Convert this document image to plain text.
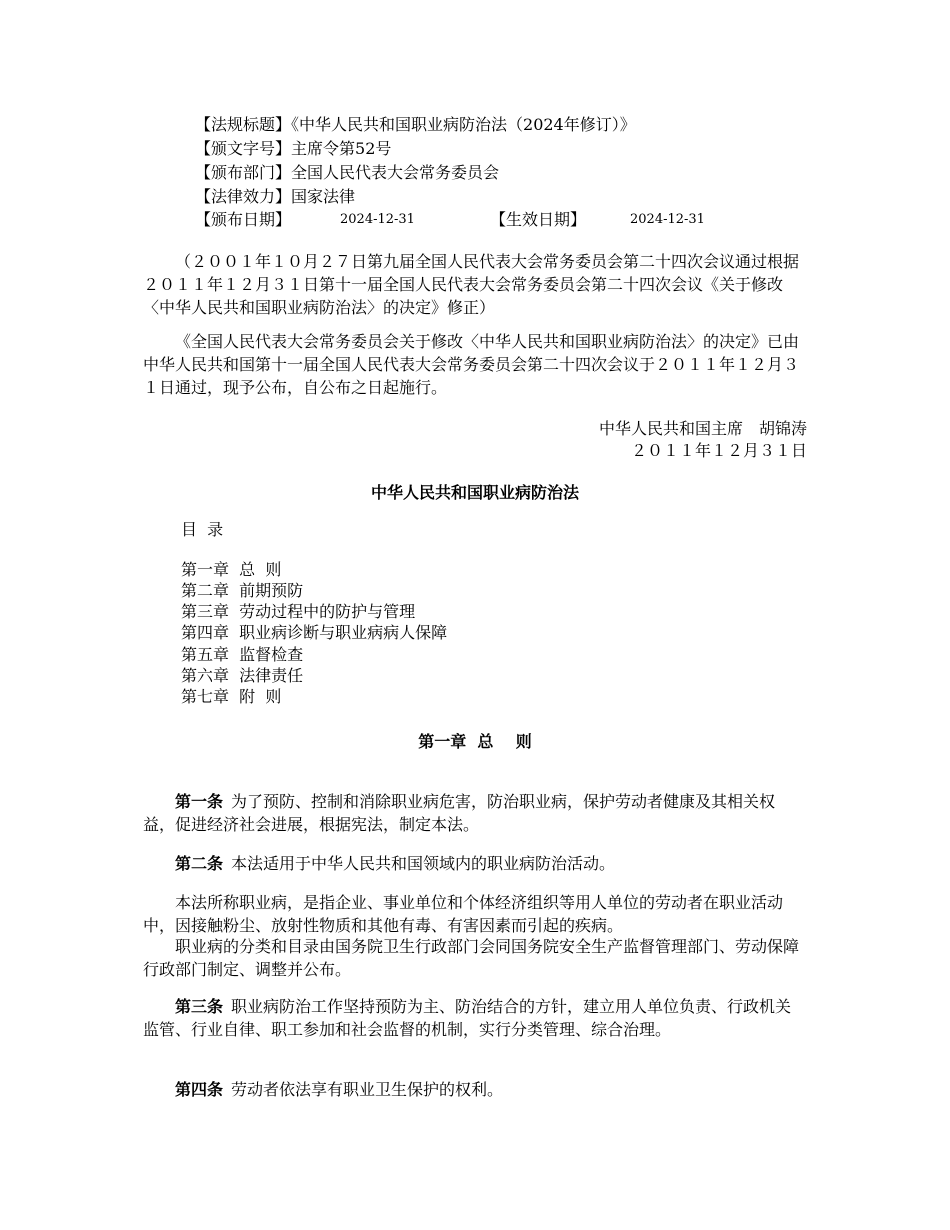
【法规标题】《中华人民共和国职业病防治法（2024年修订）》
【颁文字号】主席令第52号
【颁布部门】全国人民代表大会常务委员会
【法律效力】国家法律
【颁布日期】	2024-12-31	【生效日期】	2024-12-31

（２００１年１０月２７日第九届全国人民代表大会常务委员会第二十四次会议通过根据２０１１年１２月３１日第十一届全国人民代表大会常务委员会第二十四次会议《关于修改〈中华人民共和国职业病防治法〉的决定》修正）

《全国人民代表大会常务委员会关于修改〈中华人民共和国职业病防治法〉的决定》已由中华人民共和国第十一届全国人民代表大会常务委员会第二十四次会议于２０１１年１２月３１日通过，现予公布，自公布之日起施行。

中华人民共和国主席　胡锦涛
２０１１年１２月３１日
中华人民共和国职业病防治法
目  录
第一章  总  则
第二章  前期预防
第三章  劳动过程中的防护与管理
第四章  职业病诊断与职业病病人保障
第五章  监督检查
第六章  法律责任
第七章  附  则
第一章  总    则

第一条 为了预防、控制和消除职业病危害，防治职业病，保护劳动者健康及其相关权益，促进经济社会进展，根据宪法，制定本法。

第二条 本法适用于中华人民共和国领域内的职业病防治活动。

本法所称职业病，是指企业、事业单位和个体经济组织等用人单位的劳动者在职业活动中，因接触粉尘、放射性物质和其他有毒、有害因素而引起的疾病。

职业病的分类和目录由国务院卫生行政部门会同国务院安全生产监督管理部门、劳动保障行政部门制定、调整并公布。

第三条 职业病防治工作坚持预防为主、防治结合的方针，建立用人单位负责、行政机关监管、行业自律、职工参加和社会监督的机制，实行分类管理、综合治理。

第四条 劳动者依法享有职业卫生保护的权利。
